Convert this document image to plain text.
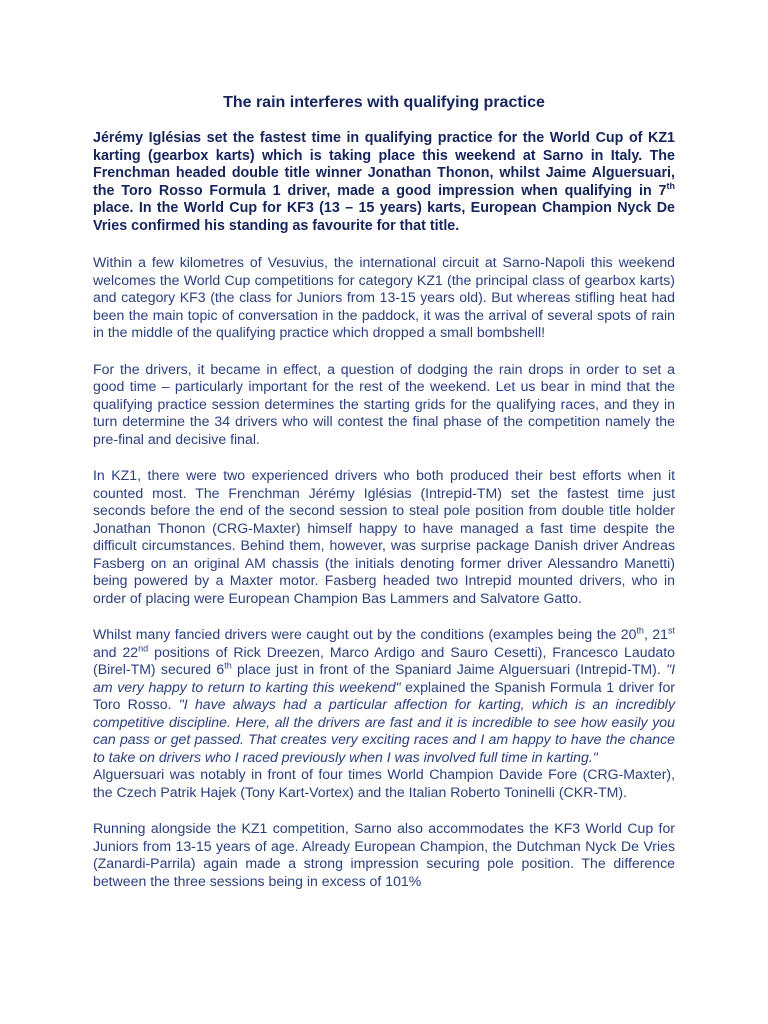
The rain interferes with qualifying practice

Jérémy Iglésias set the fastest time in qualifying practice for the World Cup of KZ1 karting (gearbox karts) which is taking place this weekend at Sarno in Italy. The Frenchman headed double title winner Jonathan Thonon, whilst Jaime Alguersuari, the Toro Rosso Formula 1 driver, made a good impression when qualifying in 7th place. In the World Cup for KF3 (13 – 15 years) karts, European Champion Nyck De Vries confirmed his standing as favourite for that title.

Within a few kilometres of Vesuvius, the international circuit at Sarno-Napoli this weekend welcomes the World Cup competitions for category KZ1 (the principal class of gearbox karts) and category KF3 (the class for Juniors from 13-15 years old). But whereas stifling heat had been the main topic of conversation in the paddock, it was the arrival of several spots of rain in the middle of the qualifying practice which dropped a small bombshell!

For the drivers, it became in effect, a question of dodging the rain drops in order to set a good time – particularly important for the rest of the weekend. Let us bear in mind that the qualifying practice session determines the starting grids for the qualifying races, and they in turn determine the 34 drivers who will contest the final phase of the competition namely the pre-final and decisive final.

In KZ1, there were two experienced drivers who both produced their best efforts when it counted most. The Frenchman Jérémy Iglésias (Intrepid-TM) set the fastest time just seconds before the end of the second session to steal pole position from double title holder Jonathan Thonon (CRG-Maxter) himself happy to have managed a fast time despite the difficult circumstances. Behind them, however, was surprise package Danish driver Andreas Fasberg on an original AM chassis (the initials denoting former driver Alessandro Manetti) being powered by a Maxter motor. Fasberg headed two Intrepid mounted drivers, who in order of placing were European Champion Bas Lammers and Salvatore Gatto.

Whilst many fancied drivers were caught out by the conditions (examples being the 20th, 21st and 22nd positions of Rick Dreezen, Marco Ardigo and Sauro Cesetti), Francesco Laudato (Birel-TM) secured 6th place just in front of the Spaniard Jaime Alguersuari (Intrepid-TM). "I am very happy to return to karting this weekend" explained the Spanish Formula 1 driver for Toro Rosso. "I have always had a particular affection for karting, which is an incredibly competitive discipline. Here, all the drivers are fast and it is incredible to see how easily you can pass or get passed. That creates very exciting races and I am happy to have the chance to take on drivers who I raced previously when I was involved full time in karting."

Alguersuari was notably in front of four times World Champion Davide Fore (CRG-Maxter), the Czech Patrik Hajek (Tony Kart-Vortex) and the Italian Roberto Toninelli (CKR-TM).

Running alongside the KZ1 competition, Sarno also accommodates the KF3 World Cup for Juniors from 13-15 years of age. Already European Champion, the Dutchman Nyck De Vries (Zanardi-Parrila) again made a strong impression securing pole position. The difference between the three sessions being in excess of 101%
